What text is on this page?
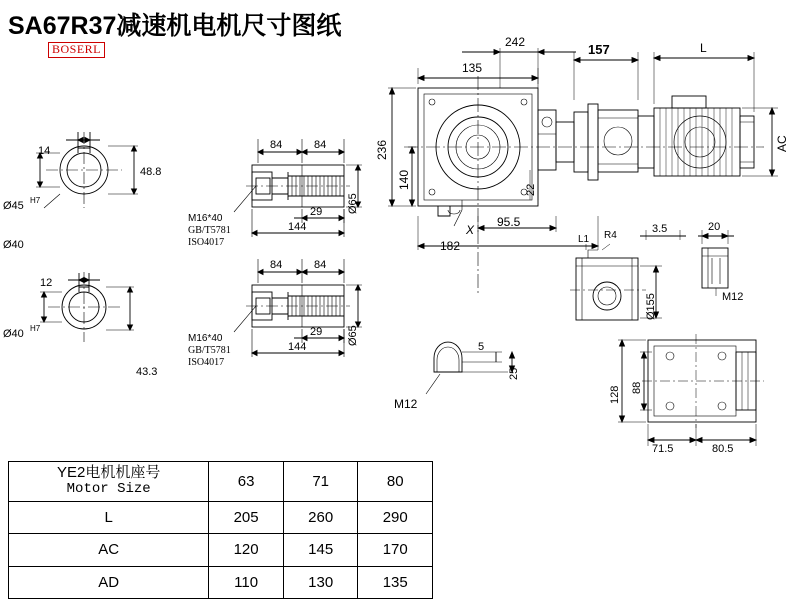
SA67R37减速机电机尺寸图纸
BOSERL
14
Ø45 H7
Ø40
48.8
12
Ø40 H7
43.3
84	84
M16*40
GB/T5781
ISO4017
29
144
84	84
M16*40
GB/T5781
ISO4017
29
144
242
135
157	L
182
95.5
X
L1 R4
3.5	20
M12
5
M12
71.5	80.5
236
140	22
AC
Ø65
Ø65
Ø155
25
128 88
YE2电机机座号
Motor Size	63	71	80
L	205	260	290
AC	120	145	170
AD	110	130	135
